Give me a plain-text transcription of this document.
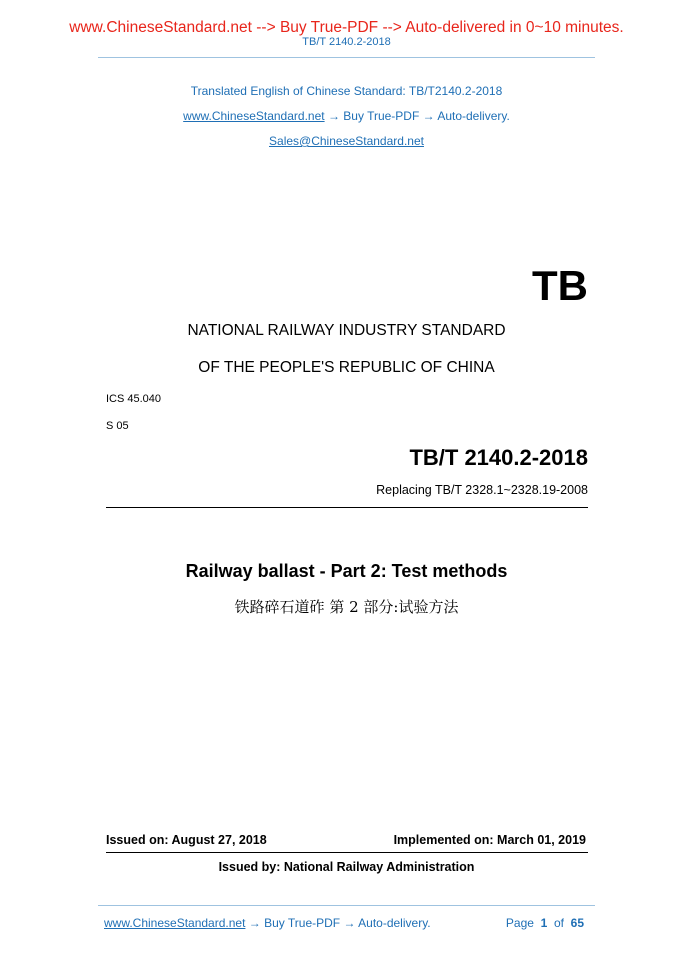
www.ChineseStandard.net --> Buy True-PDF --> Auto-delivered in 0~10 minutes.
TB/T 2140.2-2018
Translated English of Chinese Standard: TB/T2140.2-2018
www.ChineseStandard.net → Buy True-PDF → Auto-delivery.
Sales@ChineseStandard.net
TB
NATIONAL RAILWAY INDUSTRY STANDARD
OF THE PEOPLE'S REPUBLIC OF CHINA
ICS 45.040
S 05
TB/T 2140.2-2018
Replacing TB/T 2328.1~2328.19-2008
Railway ballast - Part 2: Test methods
铁路碎石道砟 第 2 部分:试验方法
Issued on: August 27, 2018	Implemented on: March 01, 2019
Issued by: National Railway Administration
www.ChineseStandard.net → Buy True-PDF → Auto-delivery.	Page 1 of 65
